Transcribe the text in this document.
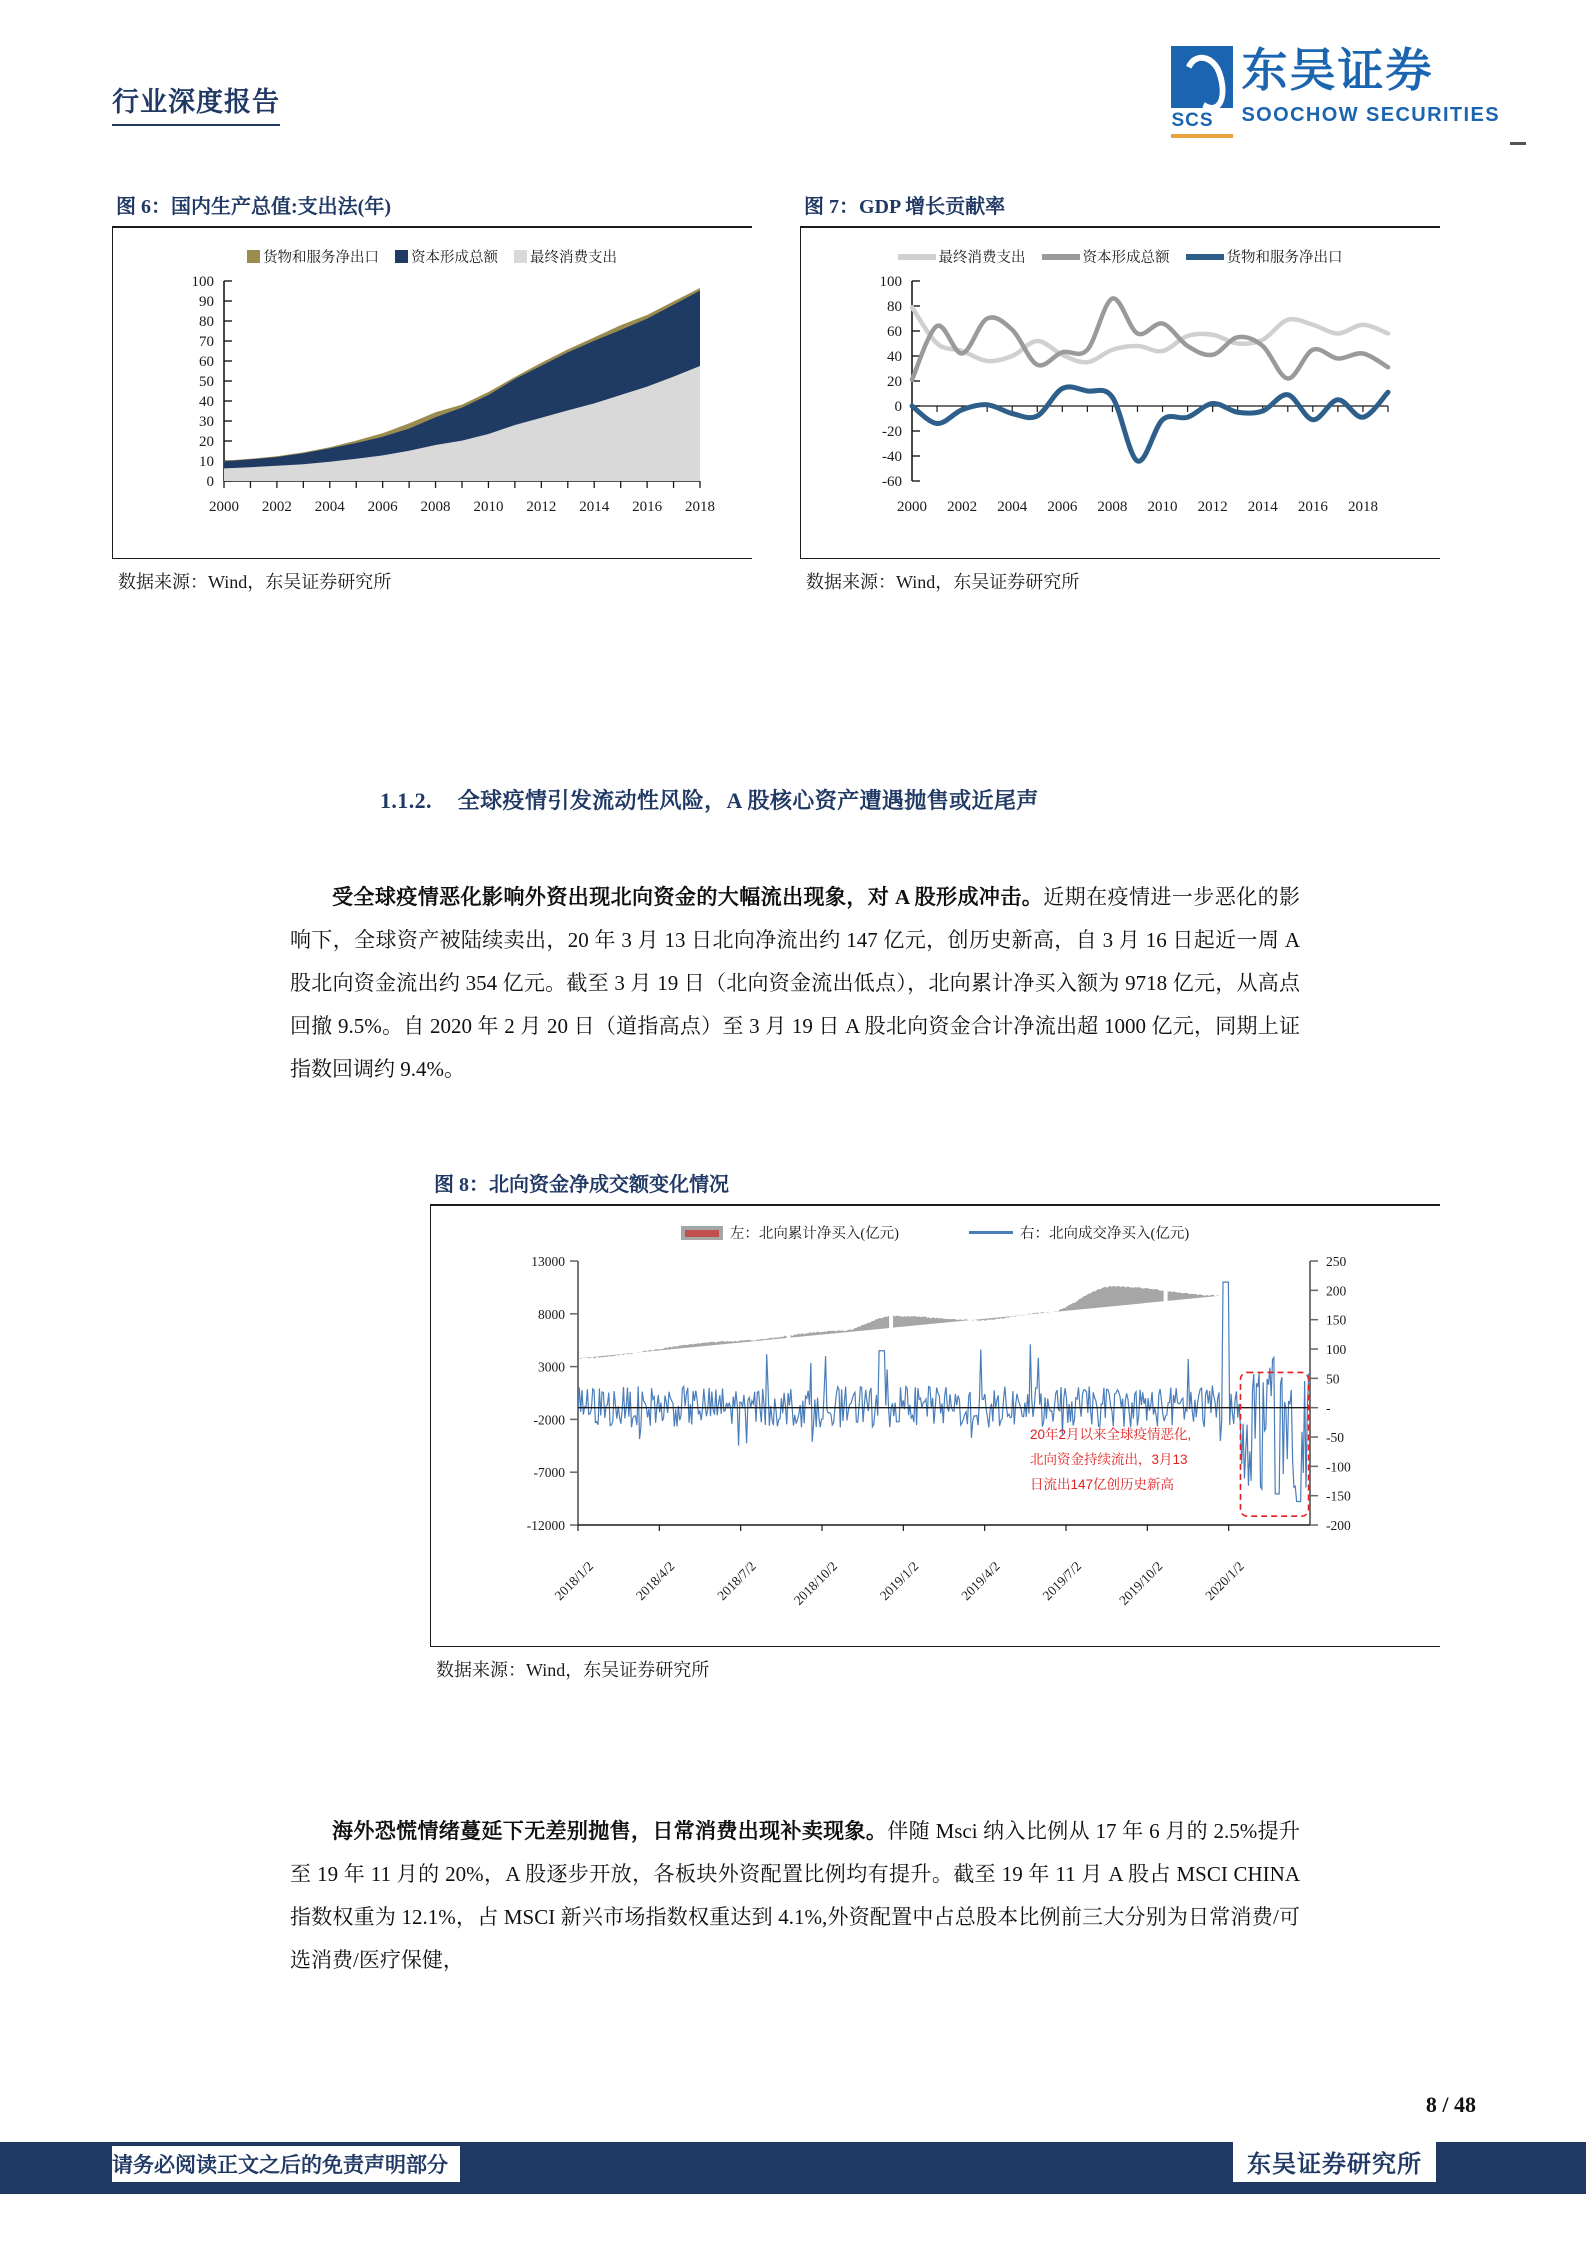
行业深度报告
SCS
东吴证券
SOOCHOW SECURITIES
图 6：国内生产总值:支出法(年)
货物和服务净出口 资本形成总额 最终消费支出
0
10
20
30
40
50
60
70
80
90
100
2000 2002 2004 2006 2008 2010 2012 2014 2016 2018
数据来源：Wind，东吴证券研究所
图 7：GDP 增长贡献率
最终消费支出	资本形成总额	货物和服务净出口
-60
-40
-20
0
20
40
60
80
100
2000 2002 2004 2006 2008 2010 2012 2014 2016 2018
数据来源：Wind，东吴证券研究所
1.1.2. 全球疫情引发流动性风险，A 股核心资产遭遇抛售或近尾声
受全球疫情恶化影响外资出现北向资金的大幅流出现象，对 A 股形成冲击。近期在疫情进一步恶化的影响下，全球资产被陆续卖出，20 年 3 月 13 日北向净流出约 147 亿元，创历史新高，自 3 月 16 日起近一周 A 股北向资金流出约 354 亿元。截至 3 月 19 日（北向资金流出低点），北向累计净买入额为 9718 亿元，从高点回撤 9.5%。自 2020 年 2 月 20 日（道指高点）至 3 月 19 日 A 股北向资金合计净流出超 1000 亿元，同期上证指数回调约 9.4%。
图 8：北向资金净成交额变化情况
左：北向累计净买入(亿元)	右：北向成交净买入(亿元)
-12000
-7000
-2000
3000
8000
13000	250
200
150
100
50
-
-50
-100
-150
-200
20年2月以来全球疫情恶化,
北向资金持续流出，3月13
日流出147亿创历史新高
2018/1/2	2018/4/2	2018/7/2 2018/10/2	2019/1/2	2019/4/2	2019/7/2 2019/10/2	2020/1/2
数据来源：Wind，东吴证券研究所
海外恐慌情绪蔓延下无差别抛售，日常消费出现补卖现象。伴随 Msci 纳入比例从 17 年 6 月的 2.5%提升至 19 年 11 月的 20%，A 股逐步开放，各板块外资配置比例均有提升。截至 19 年 11 月 A 股占 MSCI CHINA 指数权重为 12.1%，占 MSCI 新兴市场指数权重达到 4.1%,外资配置中占总股本比例前三大分别为日常消费/可选消费/医疗保健，
8 / 48
请务必阅读正文之后的免责声明部分	东吴证券研究所
